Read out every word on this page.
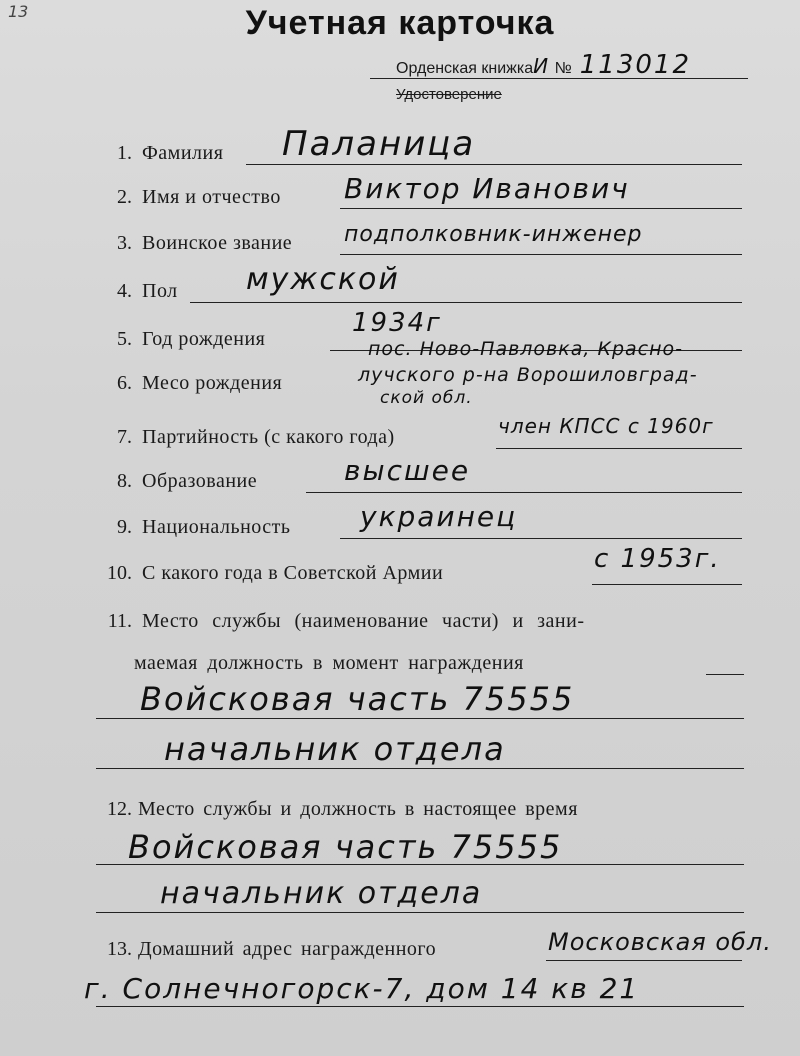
13	Учетная карточка
Орденская книжкаИ № 113012
Удостоверение
1. Фамилия Паланица
2. Имя и отчество Виктор Иванович
3. Воинское звание подполковник-инженер
4. Пол мужской
5. Год рождения
1934г
6. Месо рождения
пос. Ново-Павловка, Красно-
лучского р-на Ворошиловград-
ской обл.
7. Партийность (с какого года)	член КПСС с 1960г
8. Образование	высшее
9. Национальность украинец
10. С какого года в Советской Армии	с 1953г.
11. Место службы (наименование части) и зани-
маемая должность в момент награждения
Войсковая часть 75555
начальник отдела
12. Место службы и должность в настоящее время
Войсковая часть 75555
начальник отдела
13. Домашний адрес награжденного	Московская обл.
г. Солнечногорск-7, дом 14 кв 21
